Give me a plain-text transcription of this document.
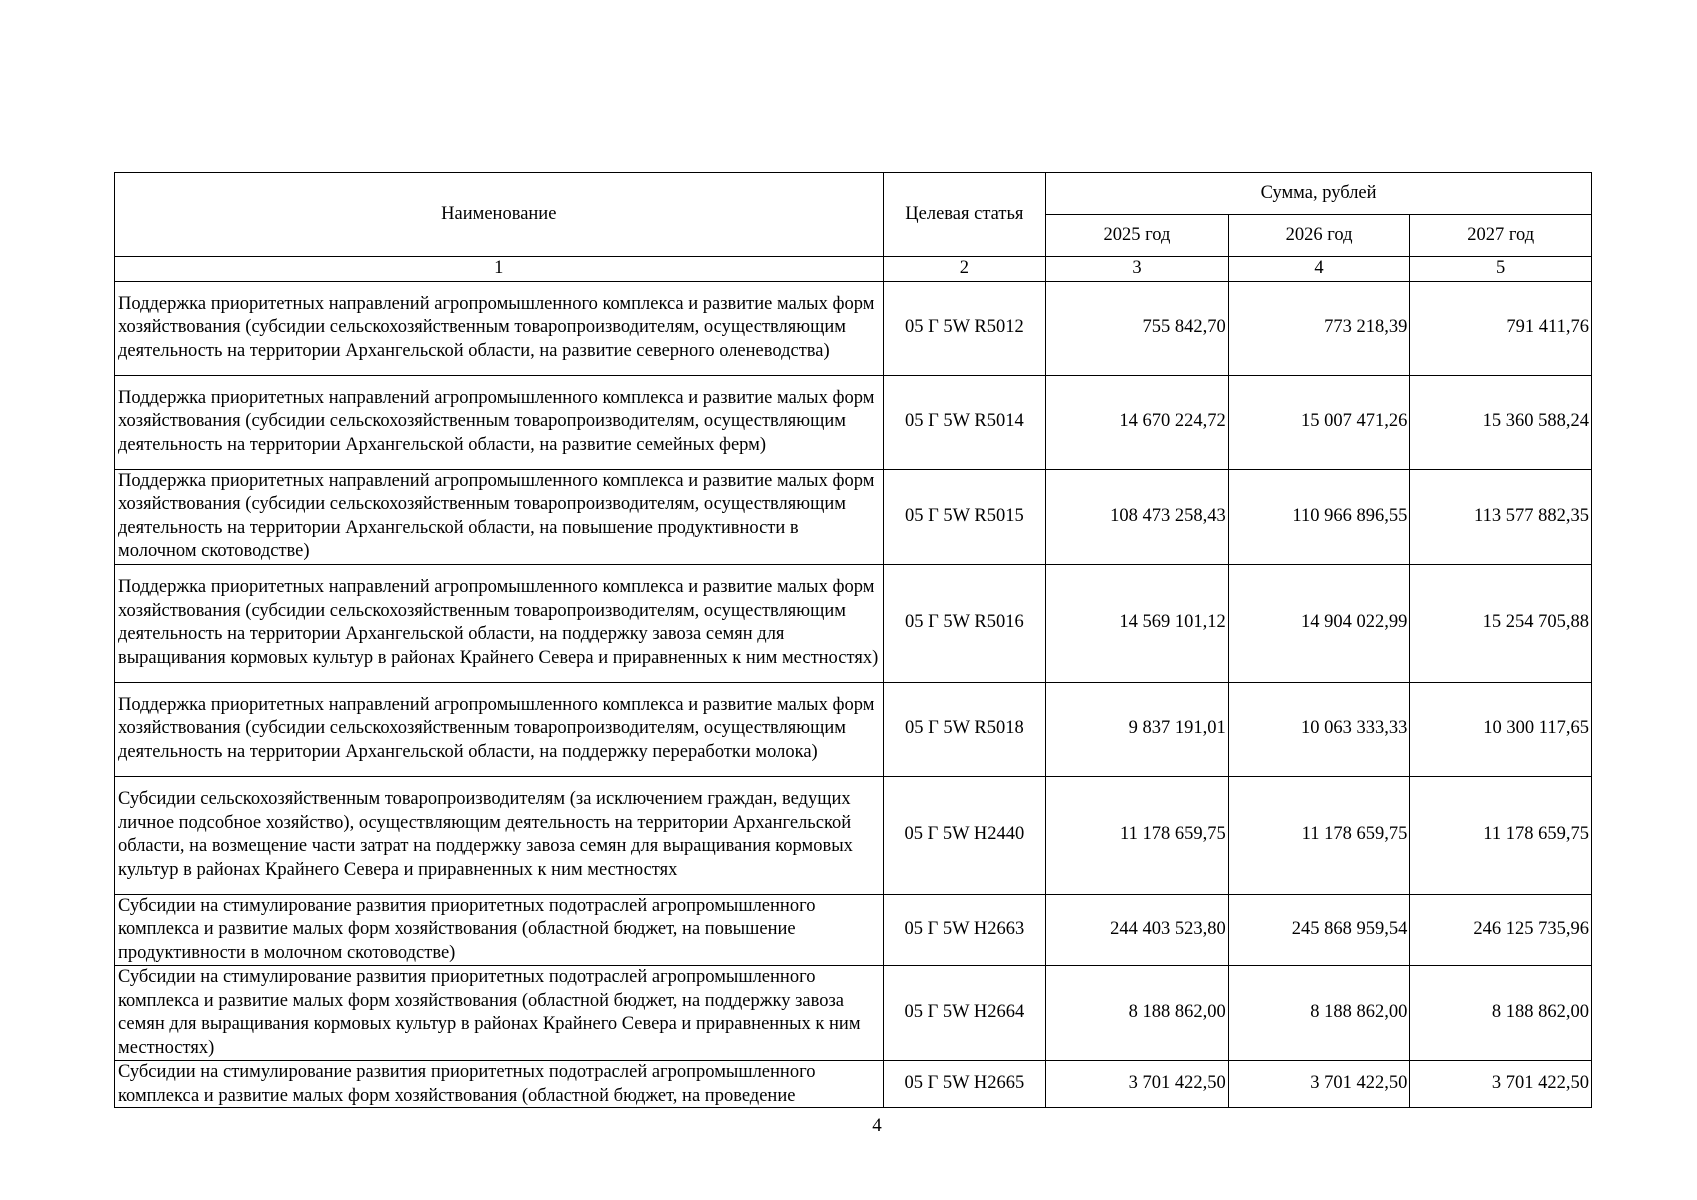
Наименование	Целевая статья	Сумма, рублей		
		2025 год	2026 год	2027 год
1	2	3	4	5
Поддержка приоритетных направлений агропромышленного комплекса и развитие малых форм хозяйствования (субсидии сельскохозяйственным товаропроизводителям, осуществляющим деятельность на территории Архангельской области, на развитие северного оленеводства)	05 Г 5W R5012	755 842,70	773 218,39	791 411,76
Поддержка приоритетных направлений агропромышленного комплекса и развитие малых форм хозяйствования (субсидии сельскохозяйственным товаропроизводителям, осуществляющим деятельность на территории Архангельской области, на развитие семейных ферм)	05 Г 5W R5014	14 670 224,72	15 007 471,26	15 360 588,24
Поддержка приоритетных направлений агропромышленного комплекса и развитие малых форм хозяйствования (субсидии сельскохозяйственным товаропроизводителям, осуществляющим деятельность на территории Архангельской области, на повышение продуктивности в молочном скотоводстве)	05 Г 5W R5015	108 473 258,43	110 966 896,55	113 577 882,35
Поддержка приоритетных направлений агропромышленного комплекса и развитие малых форм хозяйствования (субсидии сельскохозяйственным товаропроизводителям, осуществляющим деятельность на территории Архангельской области, на поддержку завоза семян для выращивания кормовых культур в районах Крайнего Севера и приравненных к ним местностях)	05 Г 5W R5016	14 569 101,12	14 904 022,99	15 254 705,88
Поддержка приоритетных направлений агропромышленного комплекса и развитие малых форм хозяйствования (субсидии сельскохозяйственным товаропроизводителям, осуществляющим деятельность на территории Архангельской области, на поддержку переработки молока)	05 Г 5W R5018	9 837 191,01	10 063 333,33	10 300 117,65
Субсидии сельскохозяйственным товаропроизводителям (за исключением граждан, ведущих личное подсобное хозяйство), осуществляющим деятельность на территории Архангельской области, на возмещение части затрат на поддержку завоза семян для выращивания кормовых культур в районах Крайнего Севера и приравненных к ним местностях	05 Г 5W H2440	11 178 659,75	11 178 659,75	11 178 659,75
Субсидии на стимулирование развития приоритетных подотраслей агропромышленного комплекса и развитие малых форм хозяйствования (областной бюджет, на повышение продуктивности в молочном скотоводстве)	05 Г 5W H2663	244 403 523,80	245 868 959,54	246 125 735,96
Субсидии на стимулирование развития приоритетных подотраслей агропромышленного комплекса и развитие малых форм хозяйствования (областной бюджет, на поддержку завоза семян для выращивания кормовых культур в районах Крайнего Севера и приравненных к ним местностях)	05 Г 5W H2664	8 188 862,00	8 188 862,00	8 188 862,00

Субсидии на стимулирование развития приоритетных подотраслей агропромышленного комплекса и развитие малых форм хозяйствования (областной бюджет, на проведение	05 Г 5W H2665	3 701 422,50	3 701 422,50	3 701 422,50
4
